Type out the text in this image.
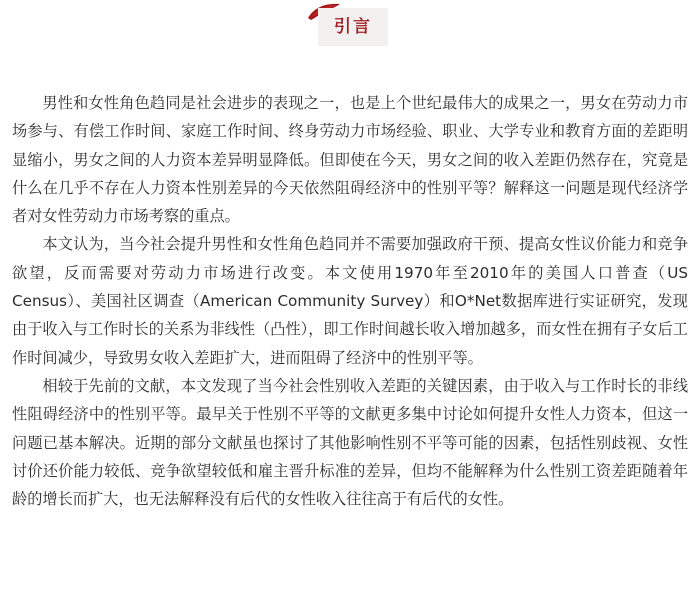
引言

男性和女性角色趋同是社会进步的表现之一，也是上个世纪最伟大的成果之一，男女在劳动力市场参与、有偿工作时间、家庭工作时间、终身劳动力市场经验、职业、大学专业和教育方面的差距明显缩小，男女之间的人力资本差异明显降低。但即使在今天，男女之间的收入差距仍然存在，究竟是什么在几乎不存在人力资本性别差异的今天依然阻碍经济中的性别平等？解释这一问题是现代经济学者对女性劳动力市场考察的重点。

本文认为，当今社会提升男性和女性角色趋同并不需要加强政府干预、提高女性议价能力和竞争欲望，反而需要对劳动力市场进行改变。本文使用1970年至2010年的美国人口普查（US Census）、美国社区调查（American Community Survey）和O*Net数据库进行实证研究，发现由于收入与工作时长的关系为非线性（凸性），即工作时间越长收入增加越多，而女性在拥有子女后工作时间减少，导致男女收入差距扩大，进而阻碍了经济中的性别平等。

相较于先前的文献，本文发现了当今社会性别收入差距的关键因素，由于收入与工作时长的非线性阻碍经济中的性别平等。最早关于性别不平等的文献更多集中讨论如何提升女性人力资本，但这一问题已基本解决。近期的部分文献虽也探讨了其他影响性别不平等可能的因素，包括性别歧视、女性讨价还价能力较低、竞争欲望较低和雇主晋升标准的差异，但均不能解释为什么性别工资差距随着年龄的增长而扩大，也无法解释没有后代的女性收入往往高于有后代的女性。
